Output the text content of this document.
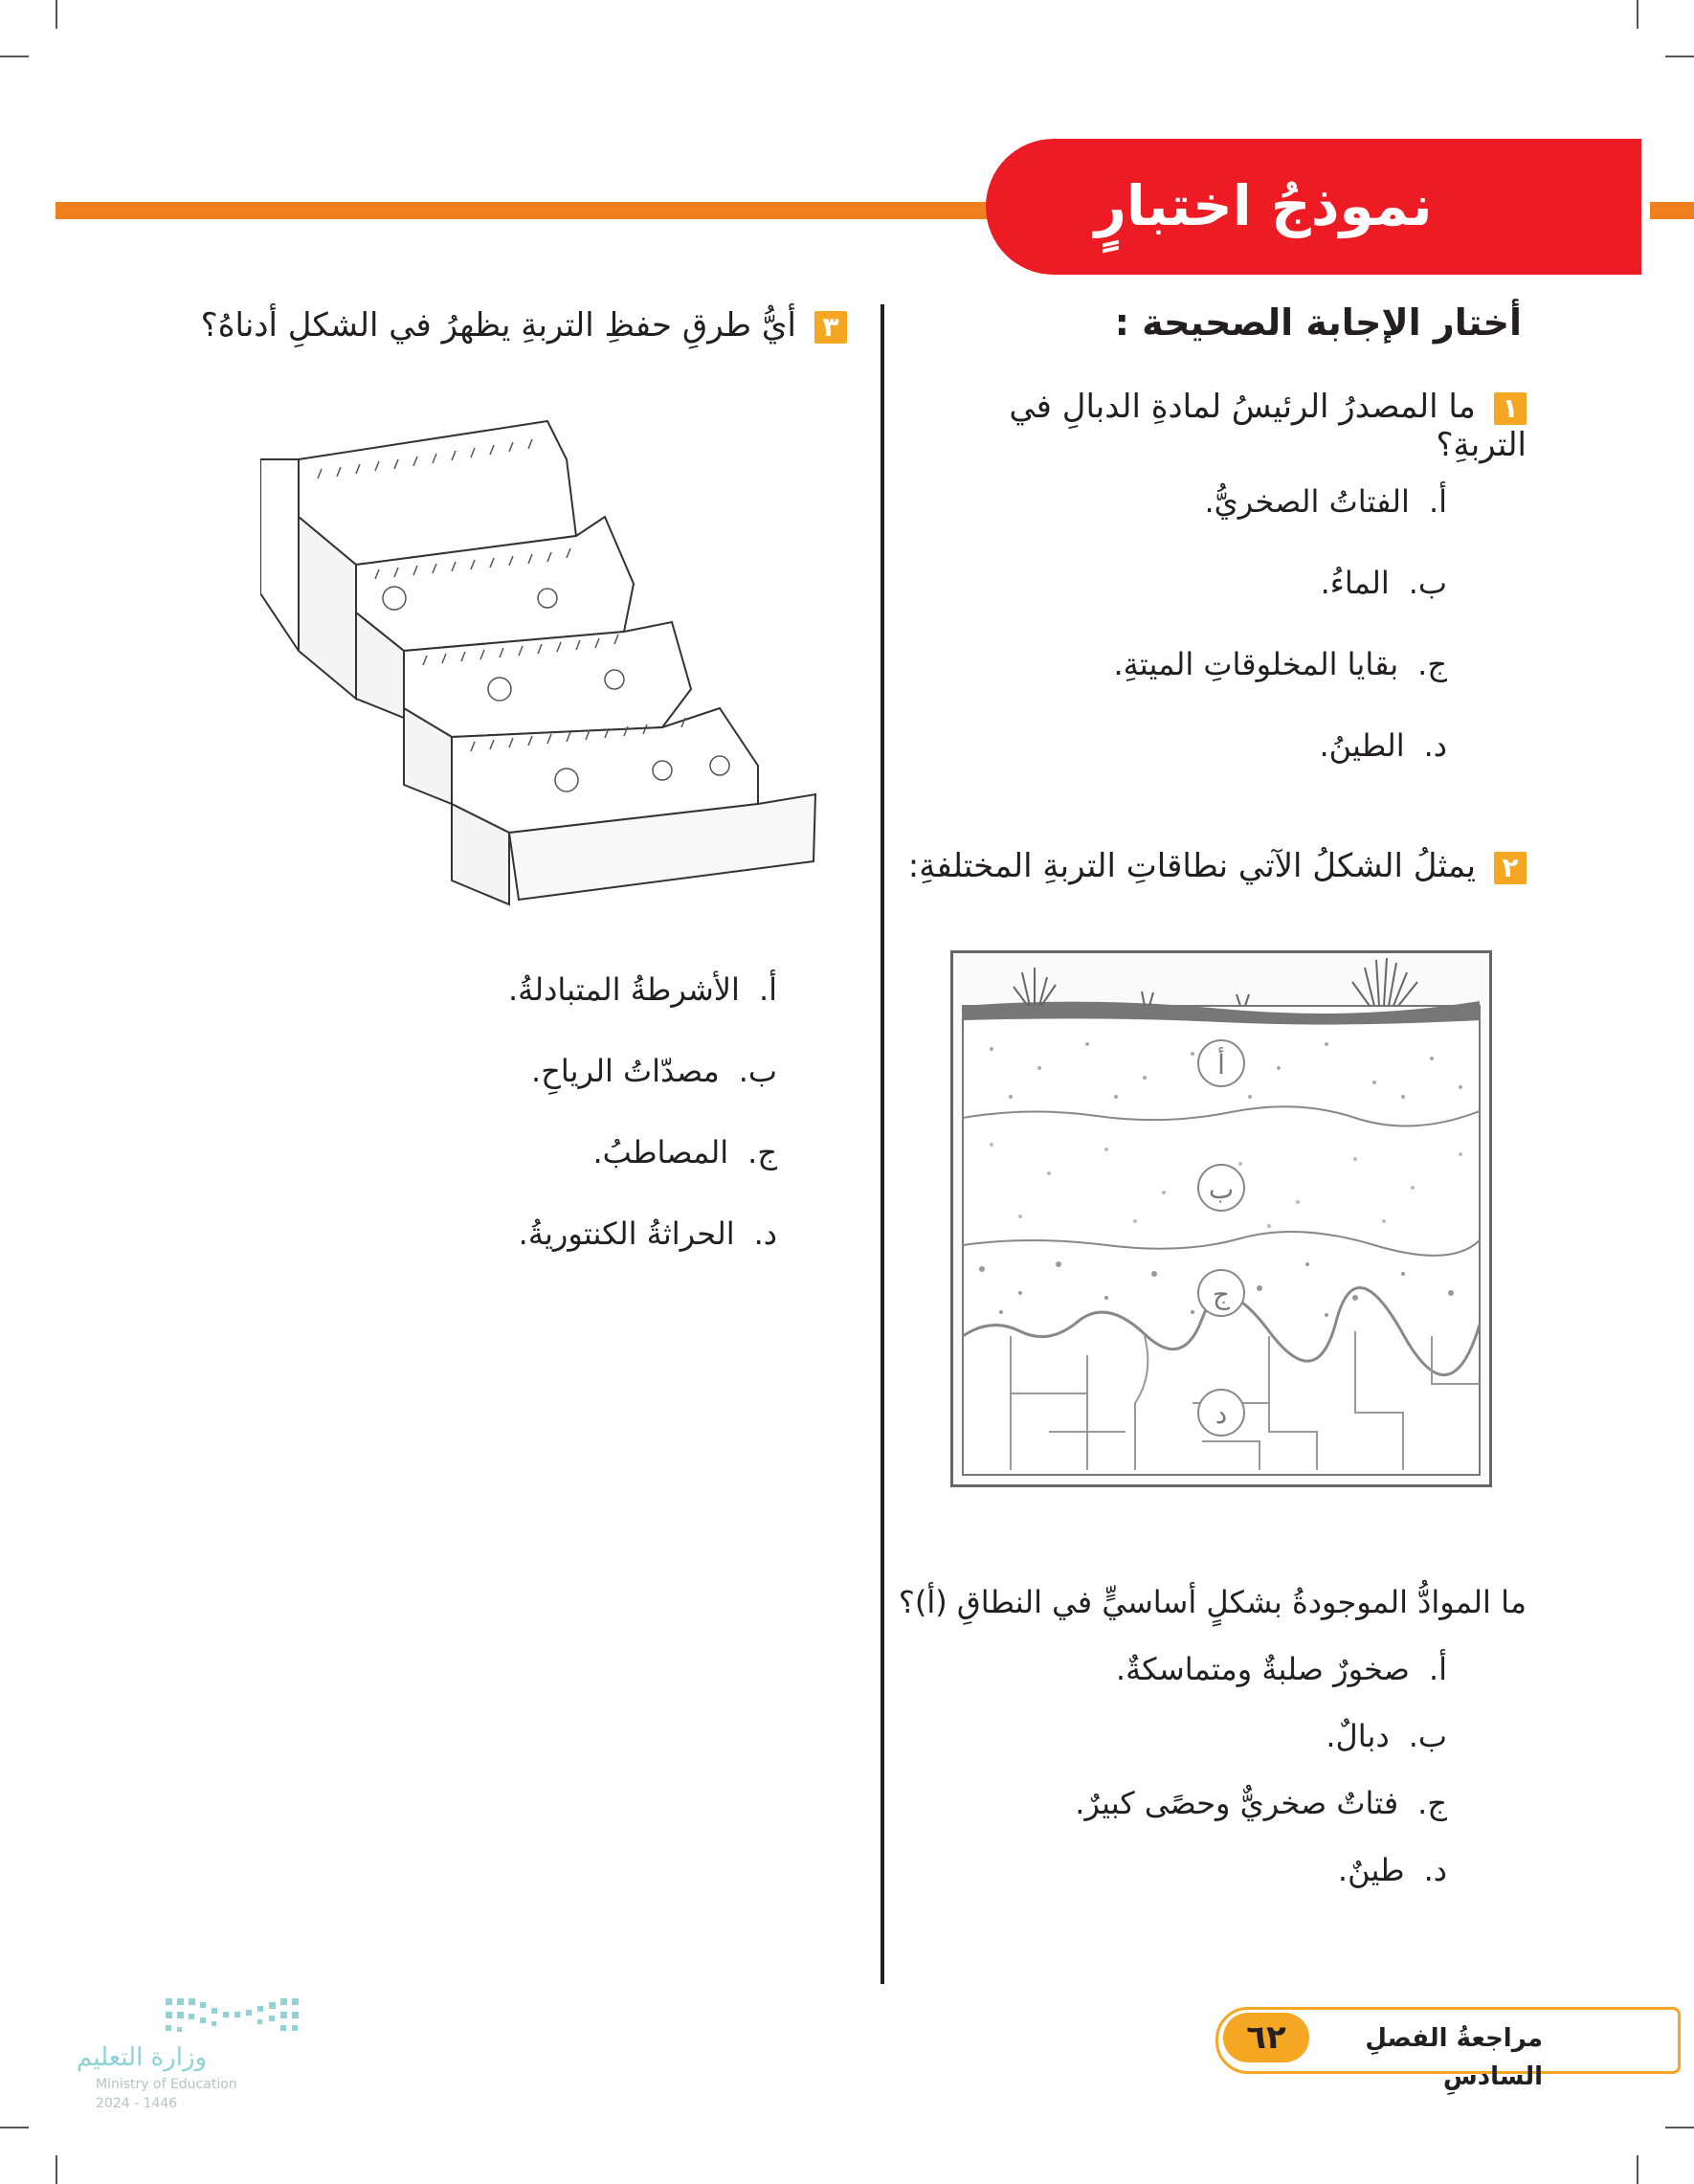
نموذجُ اختبارٍ
أختار الإجابة الصحيحة :
١ ما المصدرُ الرئيسُ لمادةِ الدبالِ في التربةِ؟
أ.الفتاتُ الصخريُّ.
ب.الماءُ.
ج.بقايا المخلوقاتِ الميتةِ.
د.الطينُ.
٢ يمثلُ الشكلُ الآتي نطاقاتِ التربةِ المختلفةِ:
أ
ب
ج
د
ما الموادُّ الموجودةُ بشكلٍ أساسيٍّ في النطاقِ (أ)؟
أ.صخورٌ صلبةٌ ومتماسكةٌ.
ب.دبالٌ.
ج.فتاتٌ صخريٌّ وحصًى كبيرٌ.
د.طينٌ.
٣ أيُّ طرقِ حفظِ التربةِ يظهرُ في الشكلِ أدناهُ؟
أ.الأشرطةُ المتبادلةُ.
ب.مصدّاتُ الرياحِ.
ج.المصاطبُ.
د.الحراثةُ الكنتوريةُ.
٦٢	مراجعةُ الفصلِ السادسِ
وزارة التعليم
Ministry of Education
2024 - 1446
